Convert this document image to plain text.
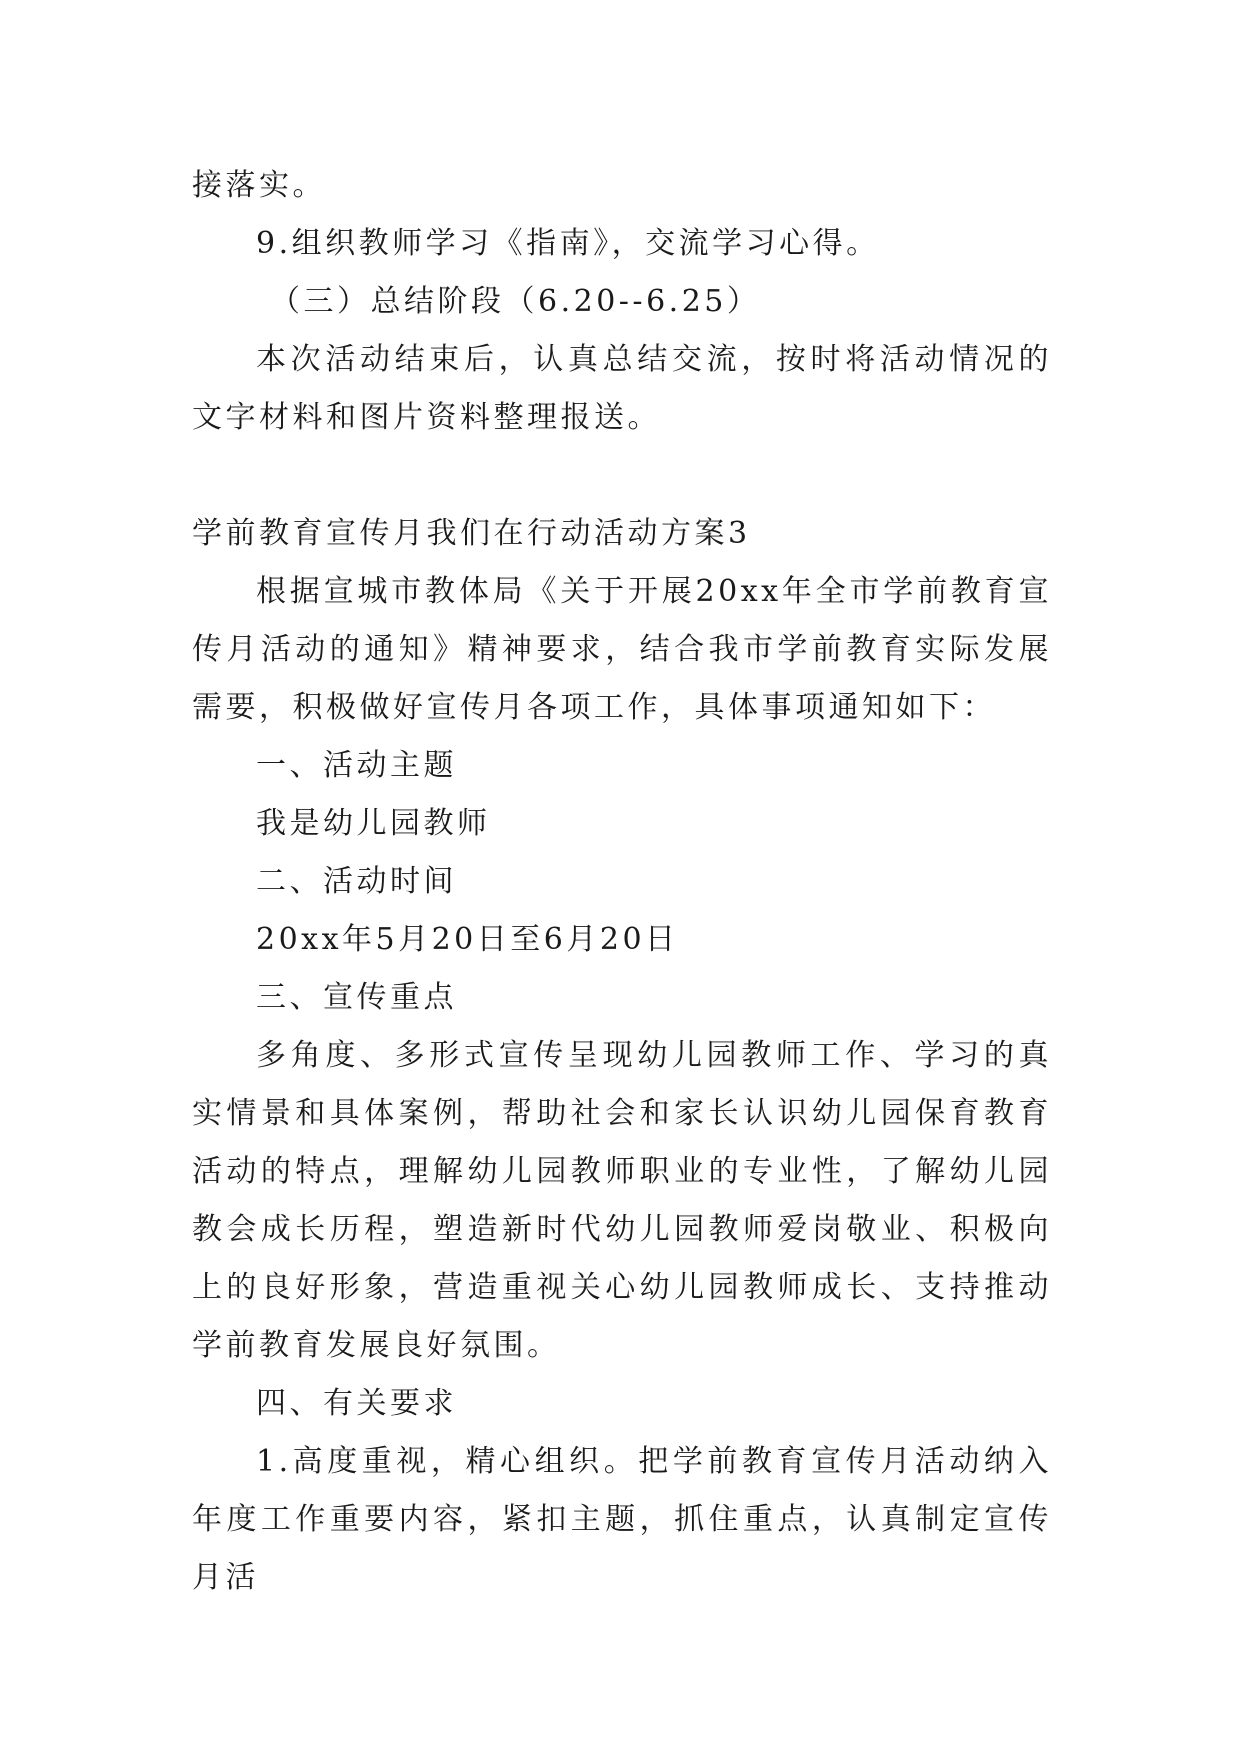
接落实。

9.组织教师学习《指南》，交流学习心得。

（三）总结阶段（6.20--6.25）

本次活动结束后，认真总结交流，按时将活动情况的文字材料和图片资料整理报送。

学前教育宣传月我们在行动活动方案3

根据宣城市教体局《关于开展20xx年全市学前教育宣传月活动的通知》精神要求，结合我市学前教育实际发展需要，积极做好宣传月各项工作，具体事项通知如下：

一、活动主题

我是幼儿园教师

二、活动时间

20xx年5月20日至6月20日

三、宣传重点

多角度、多形式宣传呈现幼儿园教师工作、学习的真实情景和具体案例，帮助社会和家长认识幼儿园保育教育活动的特点，理解幼儿园教师职业的专业性，了解幼儿园教会成长历程，塑造新时代幼儿园教师爱岗敬业、积极向上的良好形象，营造重视关心幼儿园教师成长、支持推动学前教育发展良好氛围。

四、有关要求

1.高度重视，精心组织。把学前教育宣传月活动纳入年度工作重要内容，紧扣主题，抓住重点，认真制定宣传月活
